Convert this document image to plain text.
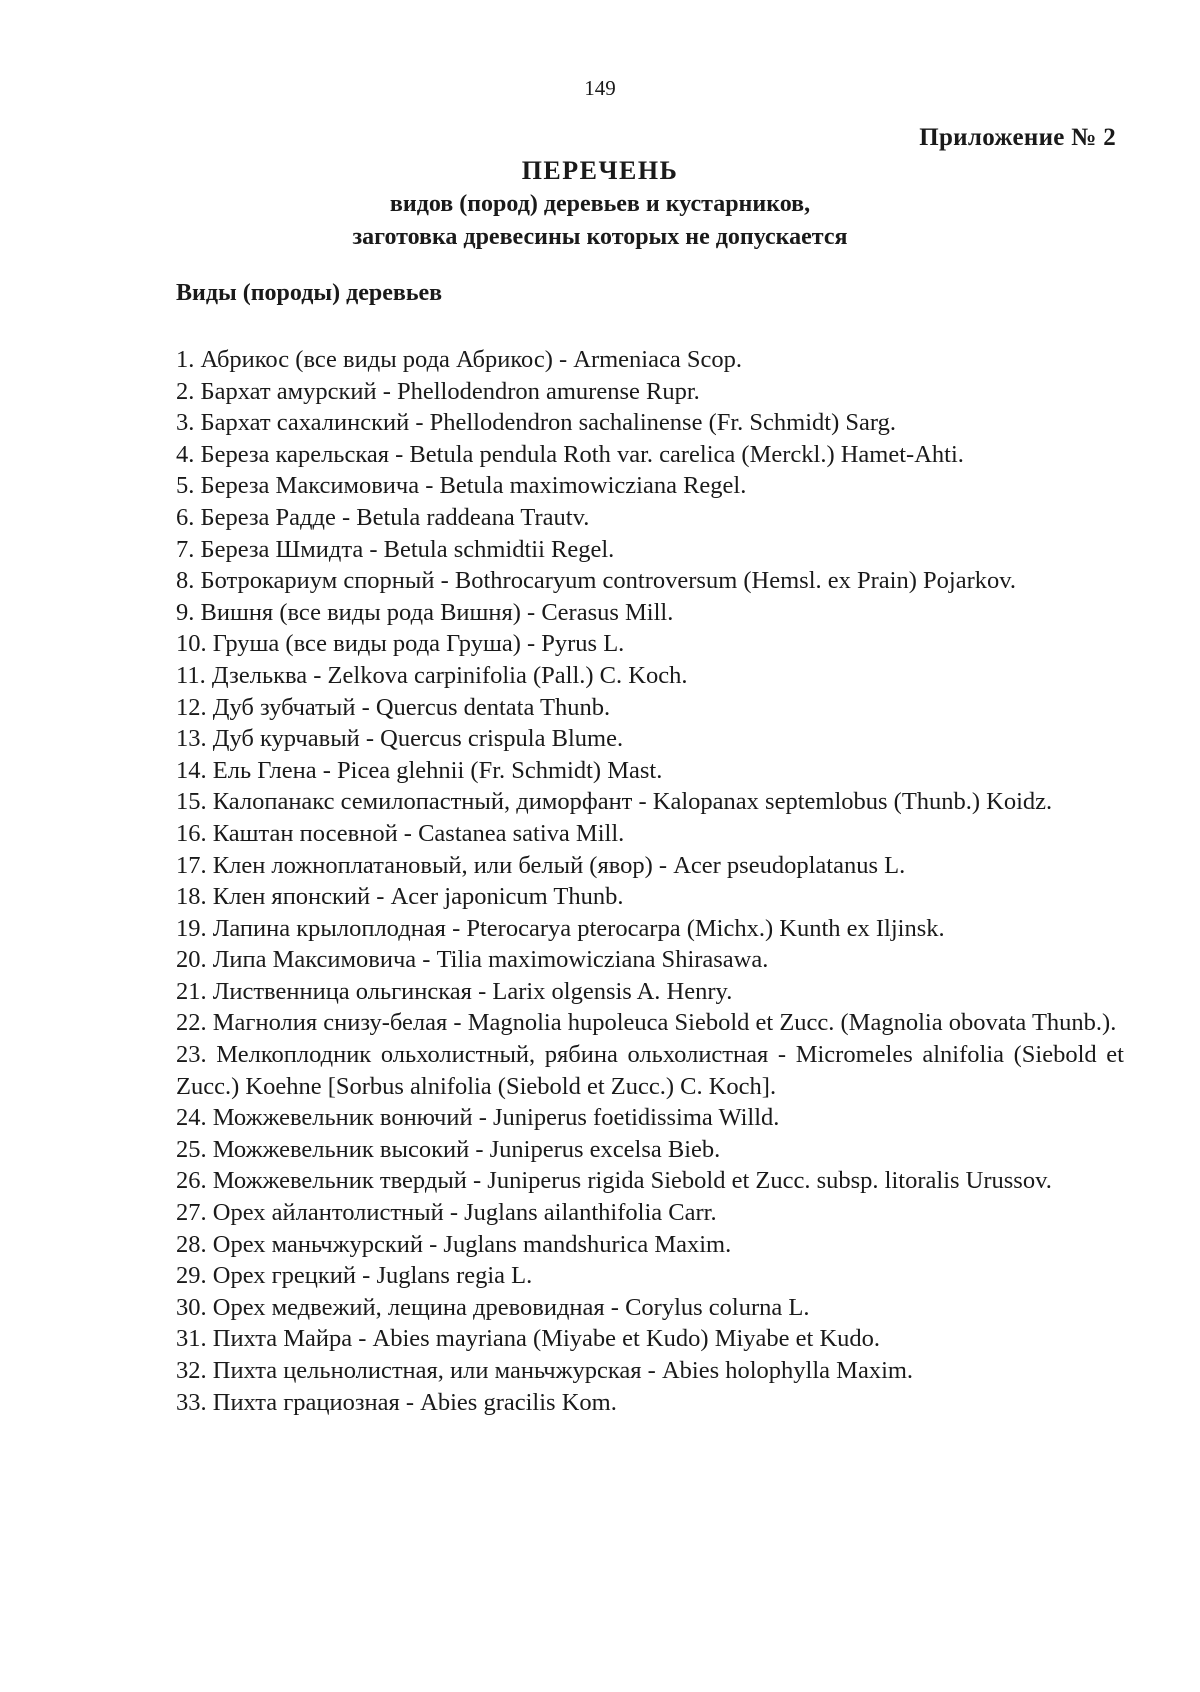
149
Приложение № 2
ПЕРЕЧЕНЬ
видов (пород) деревьев и кустарников,
заготовка древесины которых не допускается
Виды (породы) деревьев
1. Абрикос (все виды рода Абрикос) - Armeniaca Scop.
2. Бархат амурский - Phellodendron amurense Rupr.
3. Бархат сахалинский - Phellodendron sachalinense (Fr. Schmidt) Sarg.
4. Береза карельская - Betula pendula Roth var. carelica (Merckl.) Hamet-Ahti.
5. Береза Максимовича - Betula maximowicziana Regel.
6. Береза Радде - Betula raddeana Trautv.
7. Береза Шмидта - Betula schmidtii Regel.
8. Ботрокариум спорный - Bothrocaryum controversum (Hemsl. ex Prain) Pojarkov.
9. Вишня (все виды рода Вишня) - Cerasus Mill.
10. Груша (все виды рода Груша) - Pyrus L.
11. Дзельква - Zelkova carpinifolia (Pall.) C. Koch.
12. Дуб зубчатый - Quercus dentata Thunb.
13. Дуб курчавый - Quercus crispula Blume.
14. Ель Глена - Picea glehnii (Fr. Schmidt) Mast.
15. Калопанакс семилопастный, диморфант - Kalopanax septemlobus (Thunb.) Koidz.
16. Каштан посевной - Castanea sativa Mill.
17. Клен ложноплатановый, или белый (явор) - Acer pseudoplatanus L.
18. Клен японский - Acer japonicum Thunb.
19. Лапина крылоплодная - Pterocarya pterocarpa (Michx.) Kunth ex Iljinsk.
20. Липа Максимовича - Tilia maximowicziana Shirasawa.
21. Лиственница ольгинская - Larix olgensis A. Henry.
22. Магнолия снизу-белая - Magnolia hupoleuca Siebold et Zucc. (Magnolia obovata Thunb.).
23. Мелкоплодник ольхолистный, рябина ольхолистная - Micromeles alnifolia (Siebold et Zucc.) Koehne [Sorbus alnifolia (Siebold et Zucc.) C. Koch].
24. Можжевельник вонючий - Juniperus foetidissima Willd.
25. Можжевельник высокий - Juniperus excelsa Bieb.
26. Можжевельник твердый - Juniperus rigida Siebold et Zucc. subsp. litoralis Urussov.
27. Орех айлантолистный - Juglans ailanthifolia Carr.
28. Орех маньчжурский - Juglans mandshurica Maxim.
29. Орех грецкий - Juglans regia L.
30. Орех медвежий, лещина древовидная - Corylus colurna L.
31. Пихта Майра - Abies mayriana (Miyabe et Kudo) Miyabe et Kudo.
32. Пихта цельнолистная, или маньчжурская - Abies holophylla Maxim.
33. Пихта грациозная - Abies gracilis Kom.
